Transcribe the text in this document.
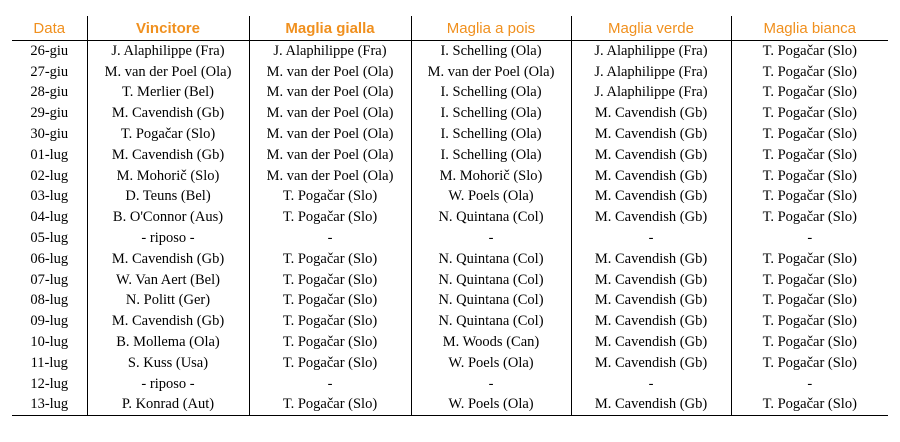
Data	Vincitore	Maglia gialla	Maglia a pois	Maglia verde	Maglia bianca
26-giu	J. Alaphilippe (Fra)	J. Alaphilippe (Fra)	I. Schelling (Ola)	J. Alaphilippe (Fra)	T. Pogačar (Slo)
27-giu	M. van der Poel (Ola)	M. van der Poel (Ola)	M. van der Poel (Ola)	J. Alaphilippe (Fra)	T. Pogačar (Slo)
28-giu	T. Merlier (Bel)	M. van der Poel (Ola)	I. Schelling (Ola)	J. Alaphilippe (Fra)	T. Pogačar (Slo)
29-giu	M. Cavendish (Gb)	M. van der Poel (Ola)	I. Schelling (Ola)	M. Cavendish (Gb)	T. Pogačar (Slo)
30-giu	T. Pogačar (Slo)	M. van der Poel (Ola)	I. Schelling (Ola)	M. Cavendish (Gb)	T. Pogačar (Slo)
01-lug	M. Cavendish (Gb)	M. van der Poel (Ola)	I. Schelling (Ola)	M. Cavendish (Gb)	T. Pogačar (Slo)
02-lug	M. Mohorič (Slo)	M. van der Poel (Ola)	M. Mohorič (Slo)	M. Cavendish (Gb)	T. Pogačar (Slo)
03-lug	D. Teuns (Bel)	T. Pogačar (Slo)	W. Poels (Ola)	M. Cavendish (Gb)	T. Pogačar (Slo)
04-lug	B. O'Connor (Aus)	T. Pogačar (Slo)	N. Quintana (Col)	M. Cavendish (Gb)	T. Pogačar (Slo)
05-lug	- riposo -	-	-	-	-
06-lug	M. Cavendish (Gb)	T. Pogačar (Slo)	N. Quintana (Col)	M. Cavendish (Gb)	T. Pogačar (Slo)
07-lug	W. Van Aert (Bel)	T. Pogačar (Slo)	N. Quintana (Col)	M. Cavendish (Gb)	T. Pogačar (Slo)
08-lug	N. Politt (Ger)	T. Pogačar (Slo)	N. Quintana (Col)	M. Cavendish (Gb)	T. Pogačar (Slo)
09-lug	M. Cavendish (Gb)	T. Pogačar (Slo)	N. Quintana (Col)	M. Cavendish (Gb)	T. Pogačar (Slo)
10-lug	B. Mollema (Ola)	T. Pogačar (Slo)	M. Woods (Can)	M. Cavendish (Gb)	T. Pogačar (Slo)
11-lug	S. Kuss (Usa)	T. Pogačar (Slo)	W. Poels (Ola)	M. Cavendish (Gb)	T. Pogačar (Slo)
12-lug	- riposo -	-	-	-	-
13-lug	P. Konrad (Aut)	T. Pogačar (Slo)	W. Poels (Ola)	M. Cavendish (Gb)	T. Pogačar (Slo)
